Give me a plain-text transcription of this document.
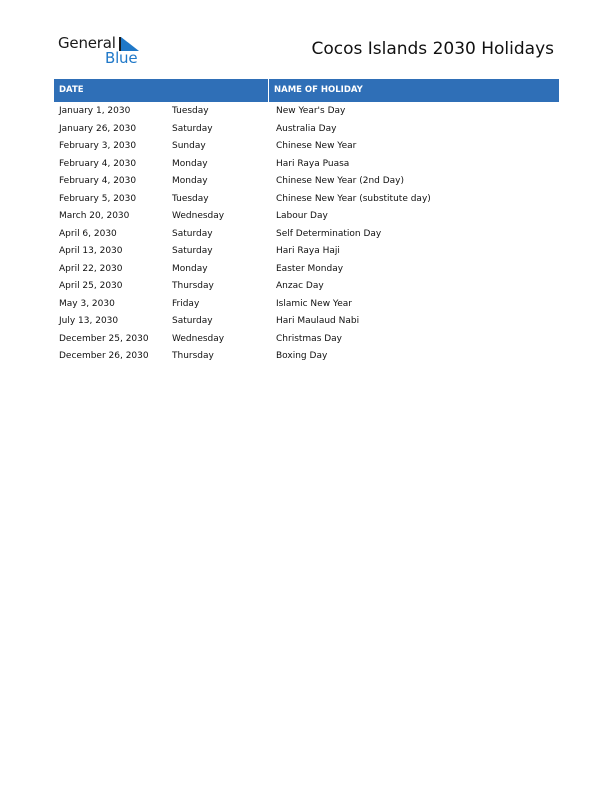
General
Blue	Cocos Islands 2030 Holidays
DATE	NAME OF HOLIDAY
January 1, 2030	Tuesday	New Year's Day
January 26, 2030	Saturday	Australia Day
February 3, 2030	Sunday	Chinese New Year
February 4, 2030	Monday	Hari Raya Puasa
February 4, 2030	Monday	Chinese New Year (2nd Day)
February 5, 2030	Tuesday	Chinese New Year (substitute day)
March 20, 2030	Wednesday	Labour Day
April 6, 2030	Saturday	Self Determination Day
April 13, 2030	Saturday	Hari Raya Haji
April 22, 2030	Monday	Easter Monday
April 25, 2030	Thursday	Anzac Day
May 3, 2030	Friday	Islamic New Year
July 13, 2030	Saturday	Hari Maulaud Nabi
December 25, 2030	Wednesday	Christmas Day
December 26, 2030	Thursday	Boxing Day
